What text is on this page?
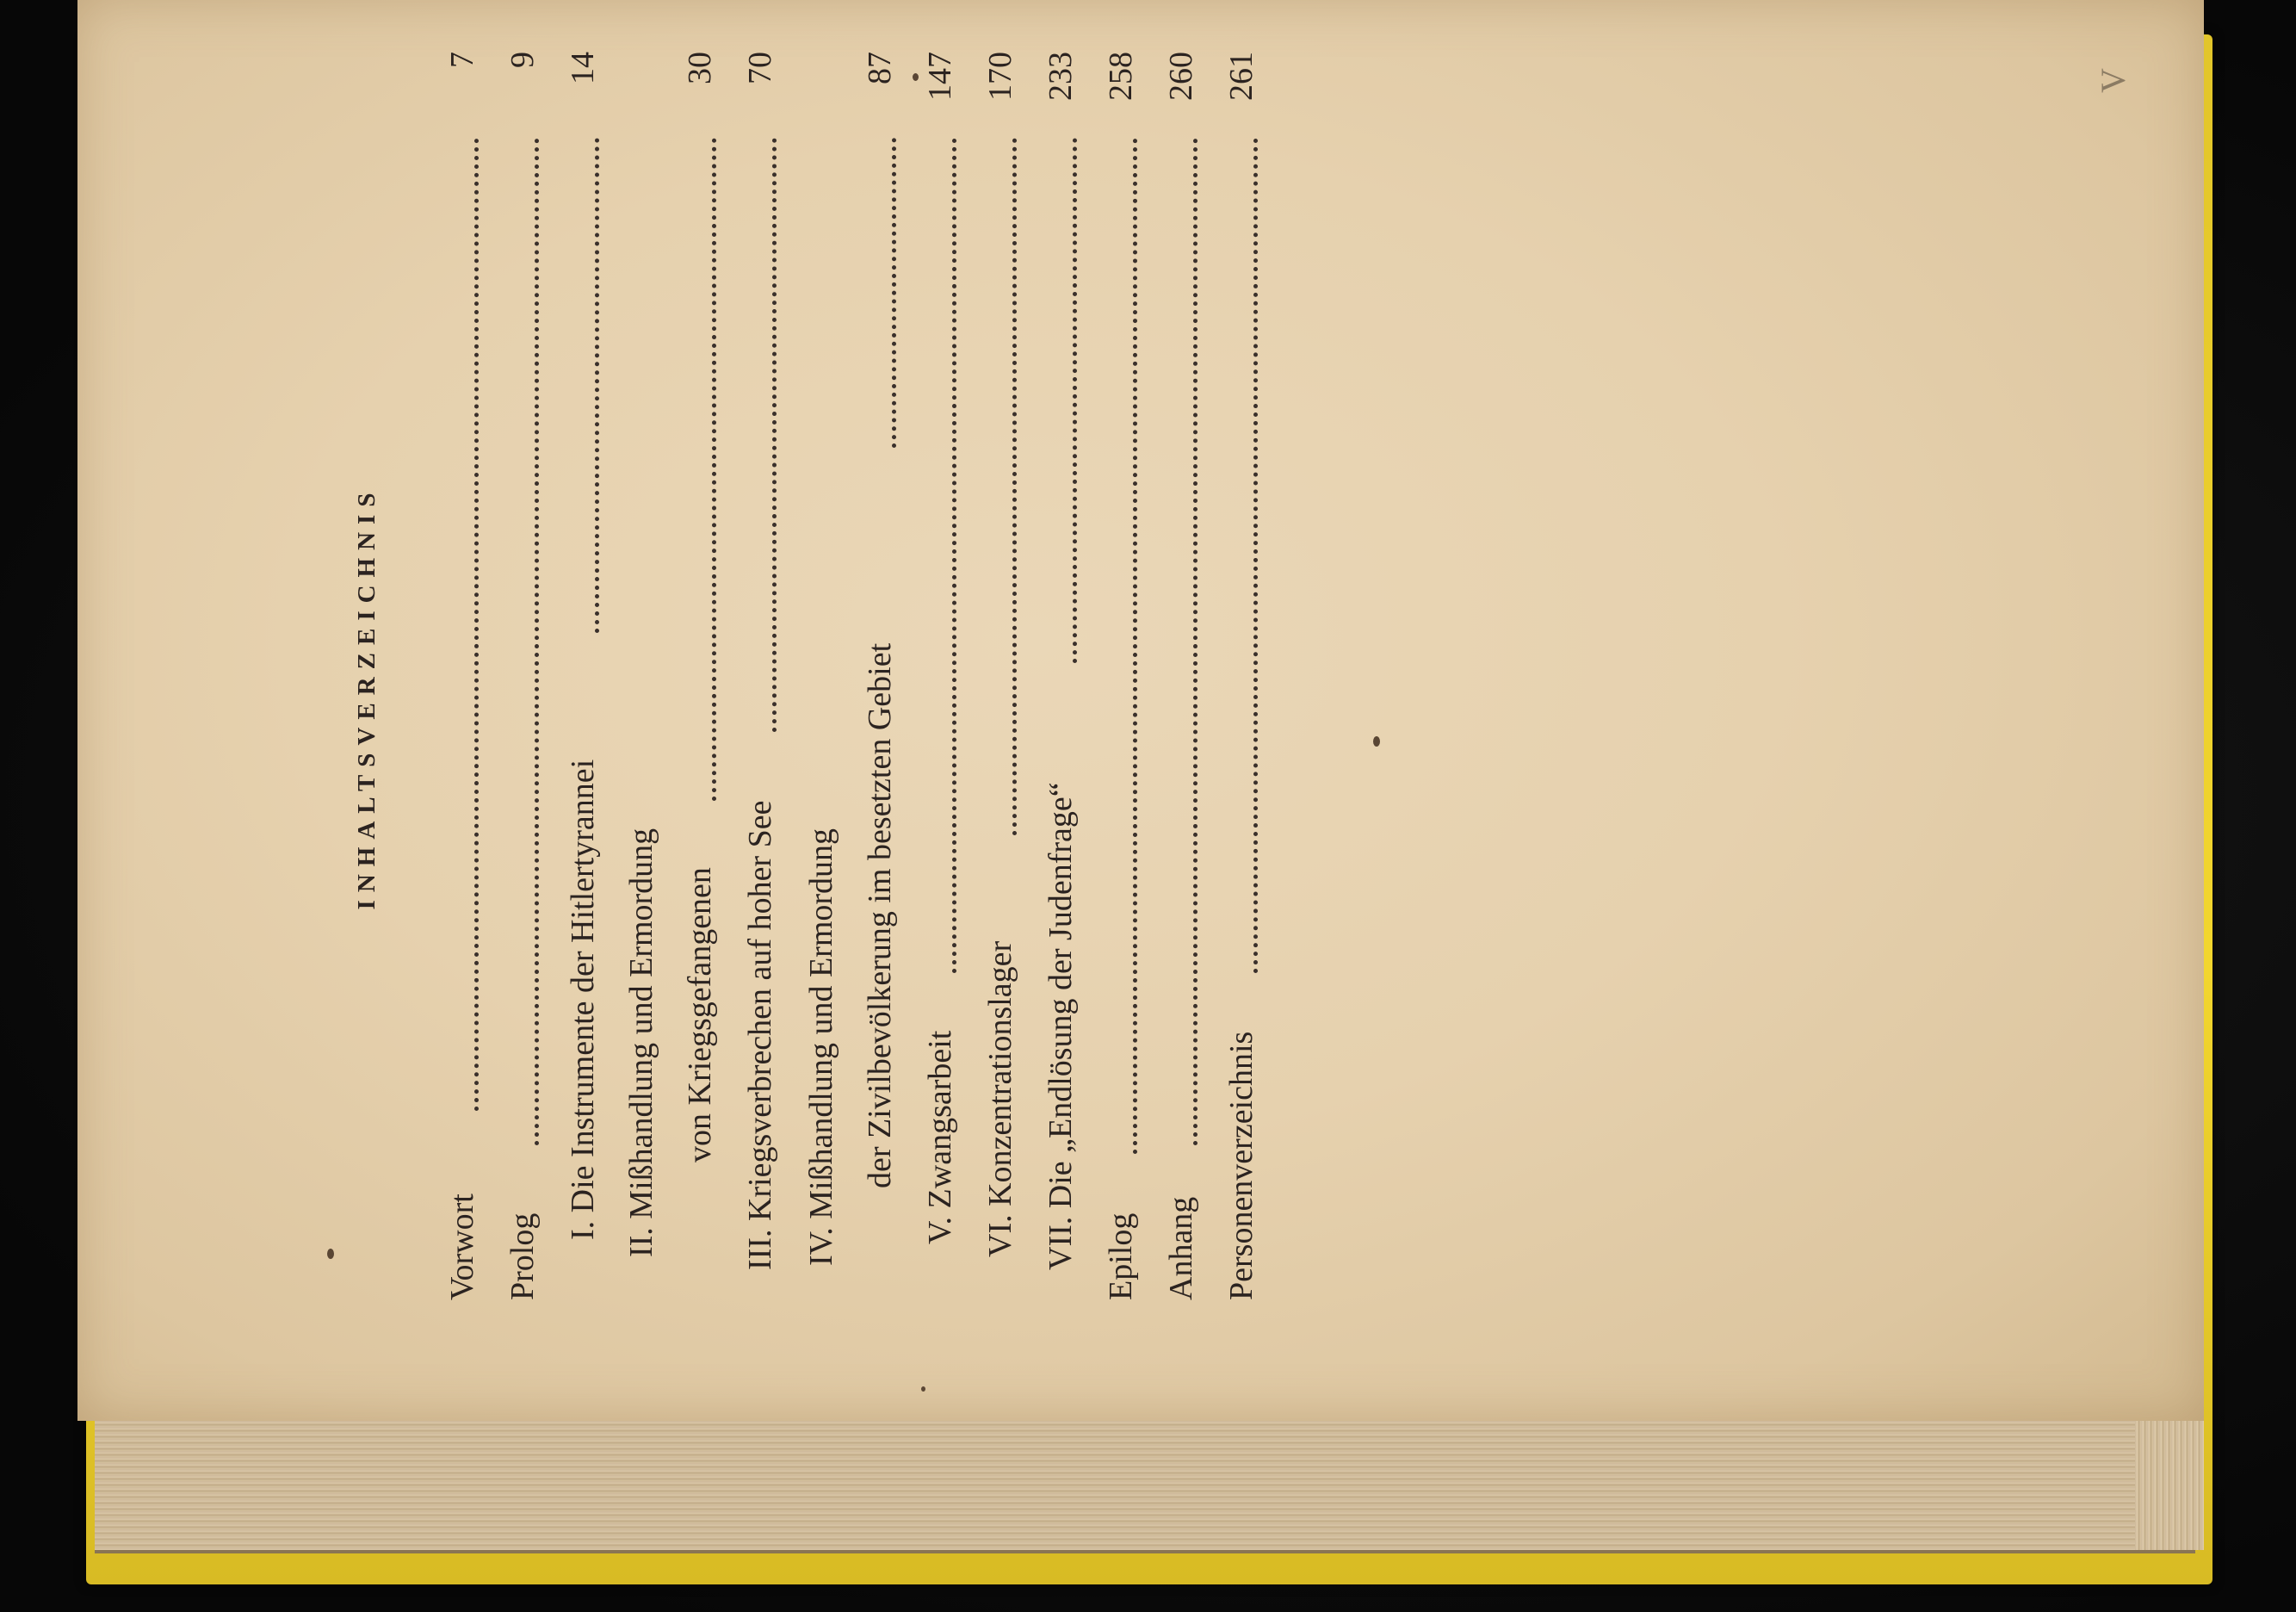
V
INHALTSVERZEICHNIS
Vorwort
7
Prolog
9
I. Die Instrumente der Hitlertyrannei
14
II. Mißhandlung und Ermordung von Kriegsgefangenen
30
III. Kriegsverbrechen auf hoher See
70
IV. Mißhandlung und Ermordung der Zivilbevölkerung im besetzten Gebiet
87
V. Zwangsarbeit
147
VI. Konzentrationslager
170
VII. Die „Endlösung der Judenfrage“
233
Epilog
258
Anhang
260
Personenverzeichnis
261
